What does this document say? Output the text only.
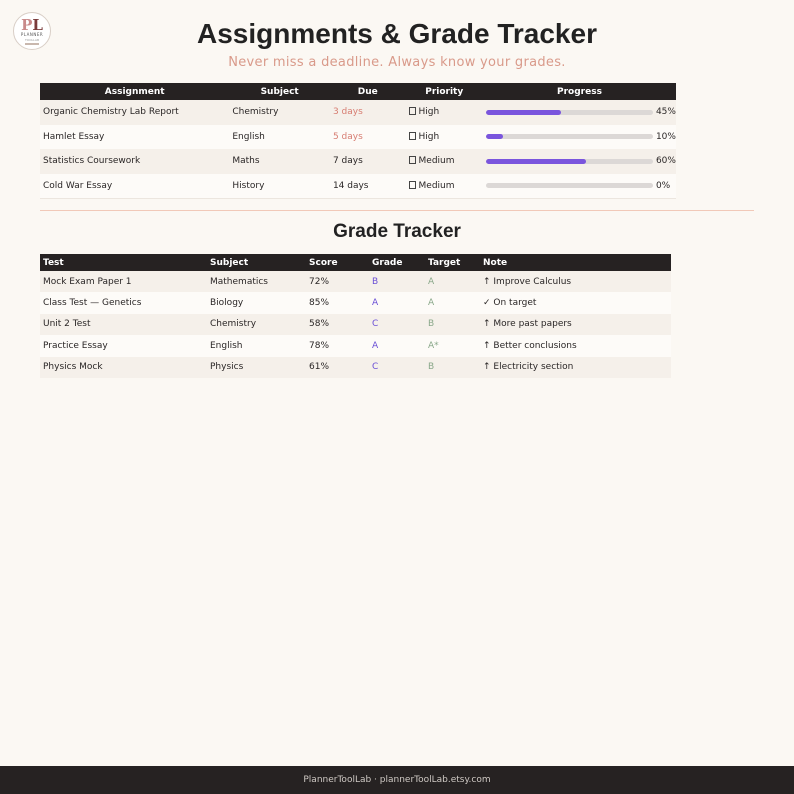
PL
PLANNER
TOOLLAB	Assignments & Grade Tracker
Never miss a deadline. Always know your grades.
Assignment	Subject	Due	Priority	Progress
Organic Chemistry Lab Report	Chemistry	3 days	High	45%

Hamlet Essay	English	5 days	High	10%

Statistics Coursework	Maths	7 days	Medium	60%

Cold War Essay	History	14 days	Medium	0%
Grade Tracker
Test	Subject	Score	Grade	Target	Note
Mock Exam Paper 1	Mathematics	72%	B	A	↑ Improve Calculus
Class Test — Genetics	Biology	85%	A	A	✓ On target
Unit 2 Test	Chemistry	58%	C	B	↑ More past papers
Practice Essay	English	78%	A	A*	↑ Better conclusions
Physics Mock	Physics	61%	C	B	↑ Electricity section
PlannerToolLab · plannerToolLab.etsy.com
